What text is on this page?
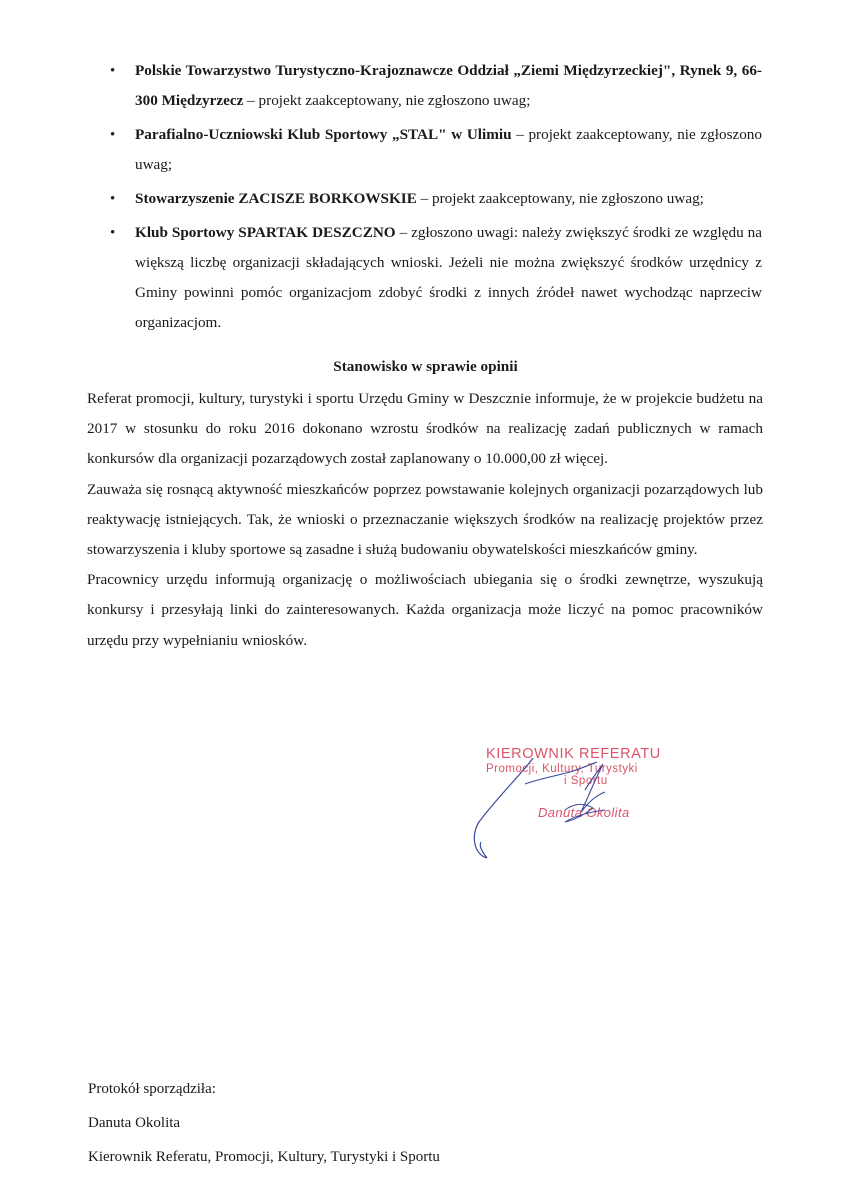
• Polskie Towarzystwo Turystyczno-Krajoznawcze Oddział „Ziemi Międzyrzeckiej", Rynek 9, 66-300 Międzyrzecz – projekt zaakceptowany, nie zgłoszono uwag;
• Parafialno-Uczniowski Klub Sportowy „STAL" w Ulimiu – projekt zaakceptowany, nie zgłoszono uwag;
• Stowarzyszenie ZACISZE BORKOWSKIE – projekt zaakceptowany, nie zgłoszono uwag;
• Klub Sportowy SPARTAK DESZCZNO – zgłoszono uwagi: należy zwiększyć środki ze względu na większą liczbę organizacji składających wnioski. Jeżeli nie można zwiększyć środków urzędnicy z Gminy powinni pomóc organizacjom zdobyć środki z innych źródeł nawet wychodząc naprzeciw organizacjom.
Stanowisko w sprawie opinii

Referat promocji, kultury, turystyki i sportu Urzędu Gminy w Deszcznie informuje, że w projekcie budżetu na 2017 w stosunku do roku 2016 dokonano wzrostu środków na realizację zadań publicznych w ramach konkursów dla organizacji pozarządowych został zaplanowany o 10.000,00 zł więcej.

Zauważa się rosnącą aktywność mieszkańców poprzez powstawanie kolejnych organizacji pozarządowych lub reaktywację istniejących. Tak, że wnioski o przeznaczanie większych środków na realizację projektów przez stowarzyszenia i kluby sportowe są zasadne i służą budowaniu obywatelskości mieszkańców gminy.

Pracownicy urzędu informują organizację o możliwościach ubiegania się o środki zewnętrze, wyszukują konkursy i przesyłają linki do zainteresowanych. Każda organizacja może liczyć na pomoc pracowników urzędu przy wypełnianiu wniosków.

KIEROWNIK REFERATU
Promocji, Kultury, Turystyki
i Sportu
Danuta Okolita
Protokół sporządziła:
Danuta Okolita
Kierownik Referatu, Promocji, Kultury, Turystyki i Sportu
